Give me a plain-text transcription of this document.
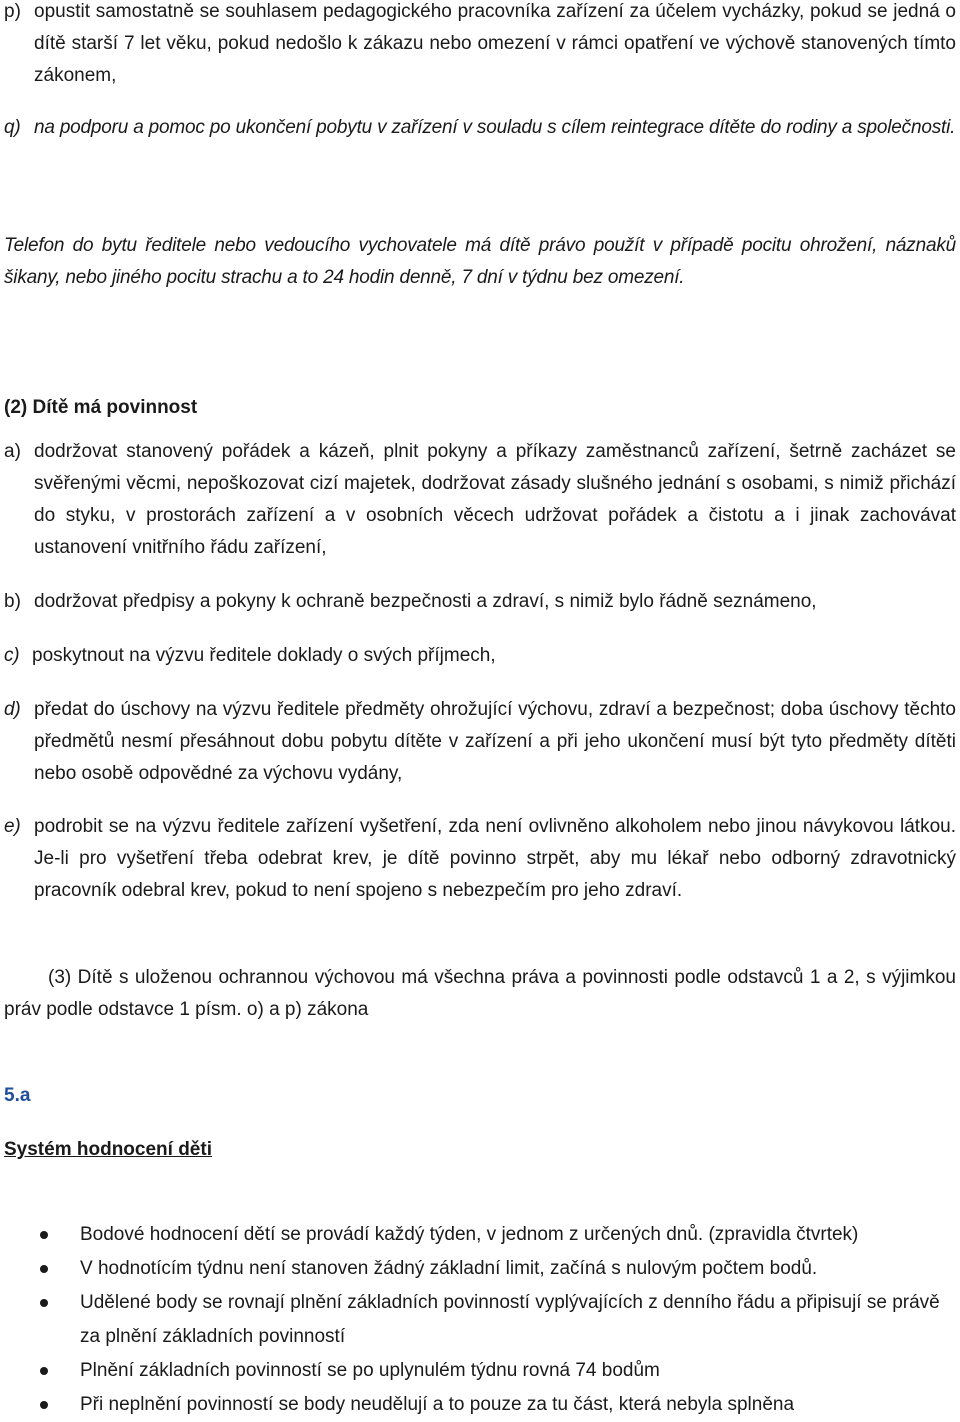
p) opustit samostatně se souhlasem pedagogického pracovníka zařízení za účelem vycházky, pokud se jedná o dítě starší 7 let věku, pokud nedošlo k zákazu nebo omezení v rámci opatření ve výchově stanovených tímto zákonem,
q) na podporu a pomoc po ukončení pobytu v zařízení v souladu s cílem reintegrace dítěte do rodiny a společnosti.
Telefon do bytu ředitele nebo vedoucího vychovatele má dítě právo použít v případě pocitu ohrožení, náznaků šikany, nebo jiného pocitu strachu a to 24 hodin denně, 7 dní v týdnu bez omezení.
(2) Dítě má povinnost
a) dodržovat stanovený pořádek a kázeň, plnit pokyny a příkazy zaměstnanců zařízení, šetrně zacházet se svěřenými věcmi, nepoškozovat cizí majetek, dodržovat zásady slušného jednání s osobami, s nimiž přichází do styku, v prostorách zařízení a v osobních věcech udržovat pořádek a čistotu a i jinak zachovávat ustanovení vnitřního řádu zařízení,
b) dodržovat předpisy a pokyny k ochraně bezpečnosti a zdraví, s nimiž bylo řádně seznámeno,
c) poskytnout na výzvu ředitele doklady o svých příjmech,
d) předat do úschovy na výzvu ředitele předměty ohrožující výchovu, zdraví a bezpečnost; doba úschovy těchto předmětů nesmí přesáhnout dobu pobytu dítěte v zařízení a při jeho ukončení musí být tyto předměty dítěti nebo osobě odpovědné za výchovu vydány,
e) podrobit se na výzvu ředitele zařízení vyšetření, zda není ovlivněno alkoholem nebo jinou návykovou látkou. Je-li pro vyšetření třeba odebrat krev, je dítě povinno strpět, aby mu lékař nebo odborný zdravotnický pracovník odebral krev, pokud to není spojeno s nebezpečím pro jeho zdraví.
(3) Dítě s uloženou ochrannou výchovou má všechna práva a povinnosti podle odstavců 1 a 2, s výjimkou práv podle odstavce 1 písm. o) a p) zákona
5.a
Systém hodnocení děti
Bodové hodnocení dětí se provádí každý týden, v jednom z určených dnů. (zpravidla čtvrtek)
V hodnotícím týdnu není stanoven žádný základní limit, začíná s nulovým počtem bodů.
Udělené body se rovnají plnění základních povinností vyplývajících z denního řádu a připisují se právě za plnění základních povinností
Plnění základních povinností se po uplynulém týdnu rovná 74 bodům
Při neplnění povinností se body neudělují a to pouze za tu část, která nebyla splněna
